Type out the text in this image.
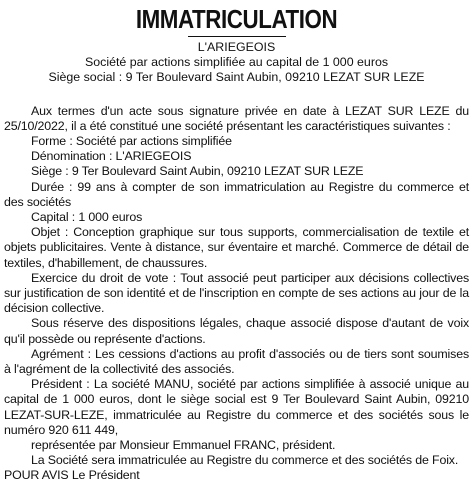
IMMATRICULATION
L'ARIEGEOIS
Société par actions simplifiée au capital de 1 000 euros
Siège social : 9 Ter Boulevard Saint Aubin, 09210 LEZAT SUR LEZE

Aux termes d'un acte sous signature privée en date à LEZAT SUR LEZE du 25/10/2022, il a été constitué une société présentant les caractéristiques suivantes :

Forme : Société par actions simplifiée

Dénomination : L'ARIEGEOIS

Siège : 9 Ter Boulevard Saint Aubin, 09210 LEZAT SUR LEZE

Durée : 99 ans à compter de son immatriculation au Registre du commerce et des sociétés

Capital : 1 000 euros

Objet : Conception graphique sur tous supports, commercialisation de textile et objets publicitaires. Vente à distance, sur éventaire et marché. Commerce de détail de textiles, d'habillement, de chaussures.

Exercice du droit de vote : Tout associé peut participer aux décisions collectives sur justification de son identité et de l'inscription en compte de ses actions au jour de la décision collective.

Sous réserve des dispositions légales, chaque associé dispose d'autant de voix qu'il possède ou représente d'actions.

Agrément : Les cessions d'actions au profit d'associés ou de tiers sont soumises à l'agrément de la collectivité des associés.

Président : La société MANU, société par actions simplifiée à associé unique au capital de 1 000 euros, dont le siège social est 9 Ter Boulevard Saint Aubin, 09210 LEZAT-SUR-LEZE, immatriculée au Registre du commerce et des sociétés sous le numéro 920 611 449,

représentée par Monsieur Emmanuel FRANC, président.

La Société sera immatriculée au Registre du commerce et des sociétés de Foix.

POUR AVIS Le Président
